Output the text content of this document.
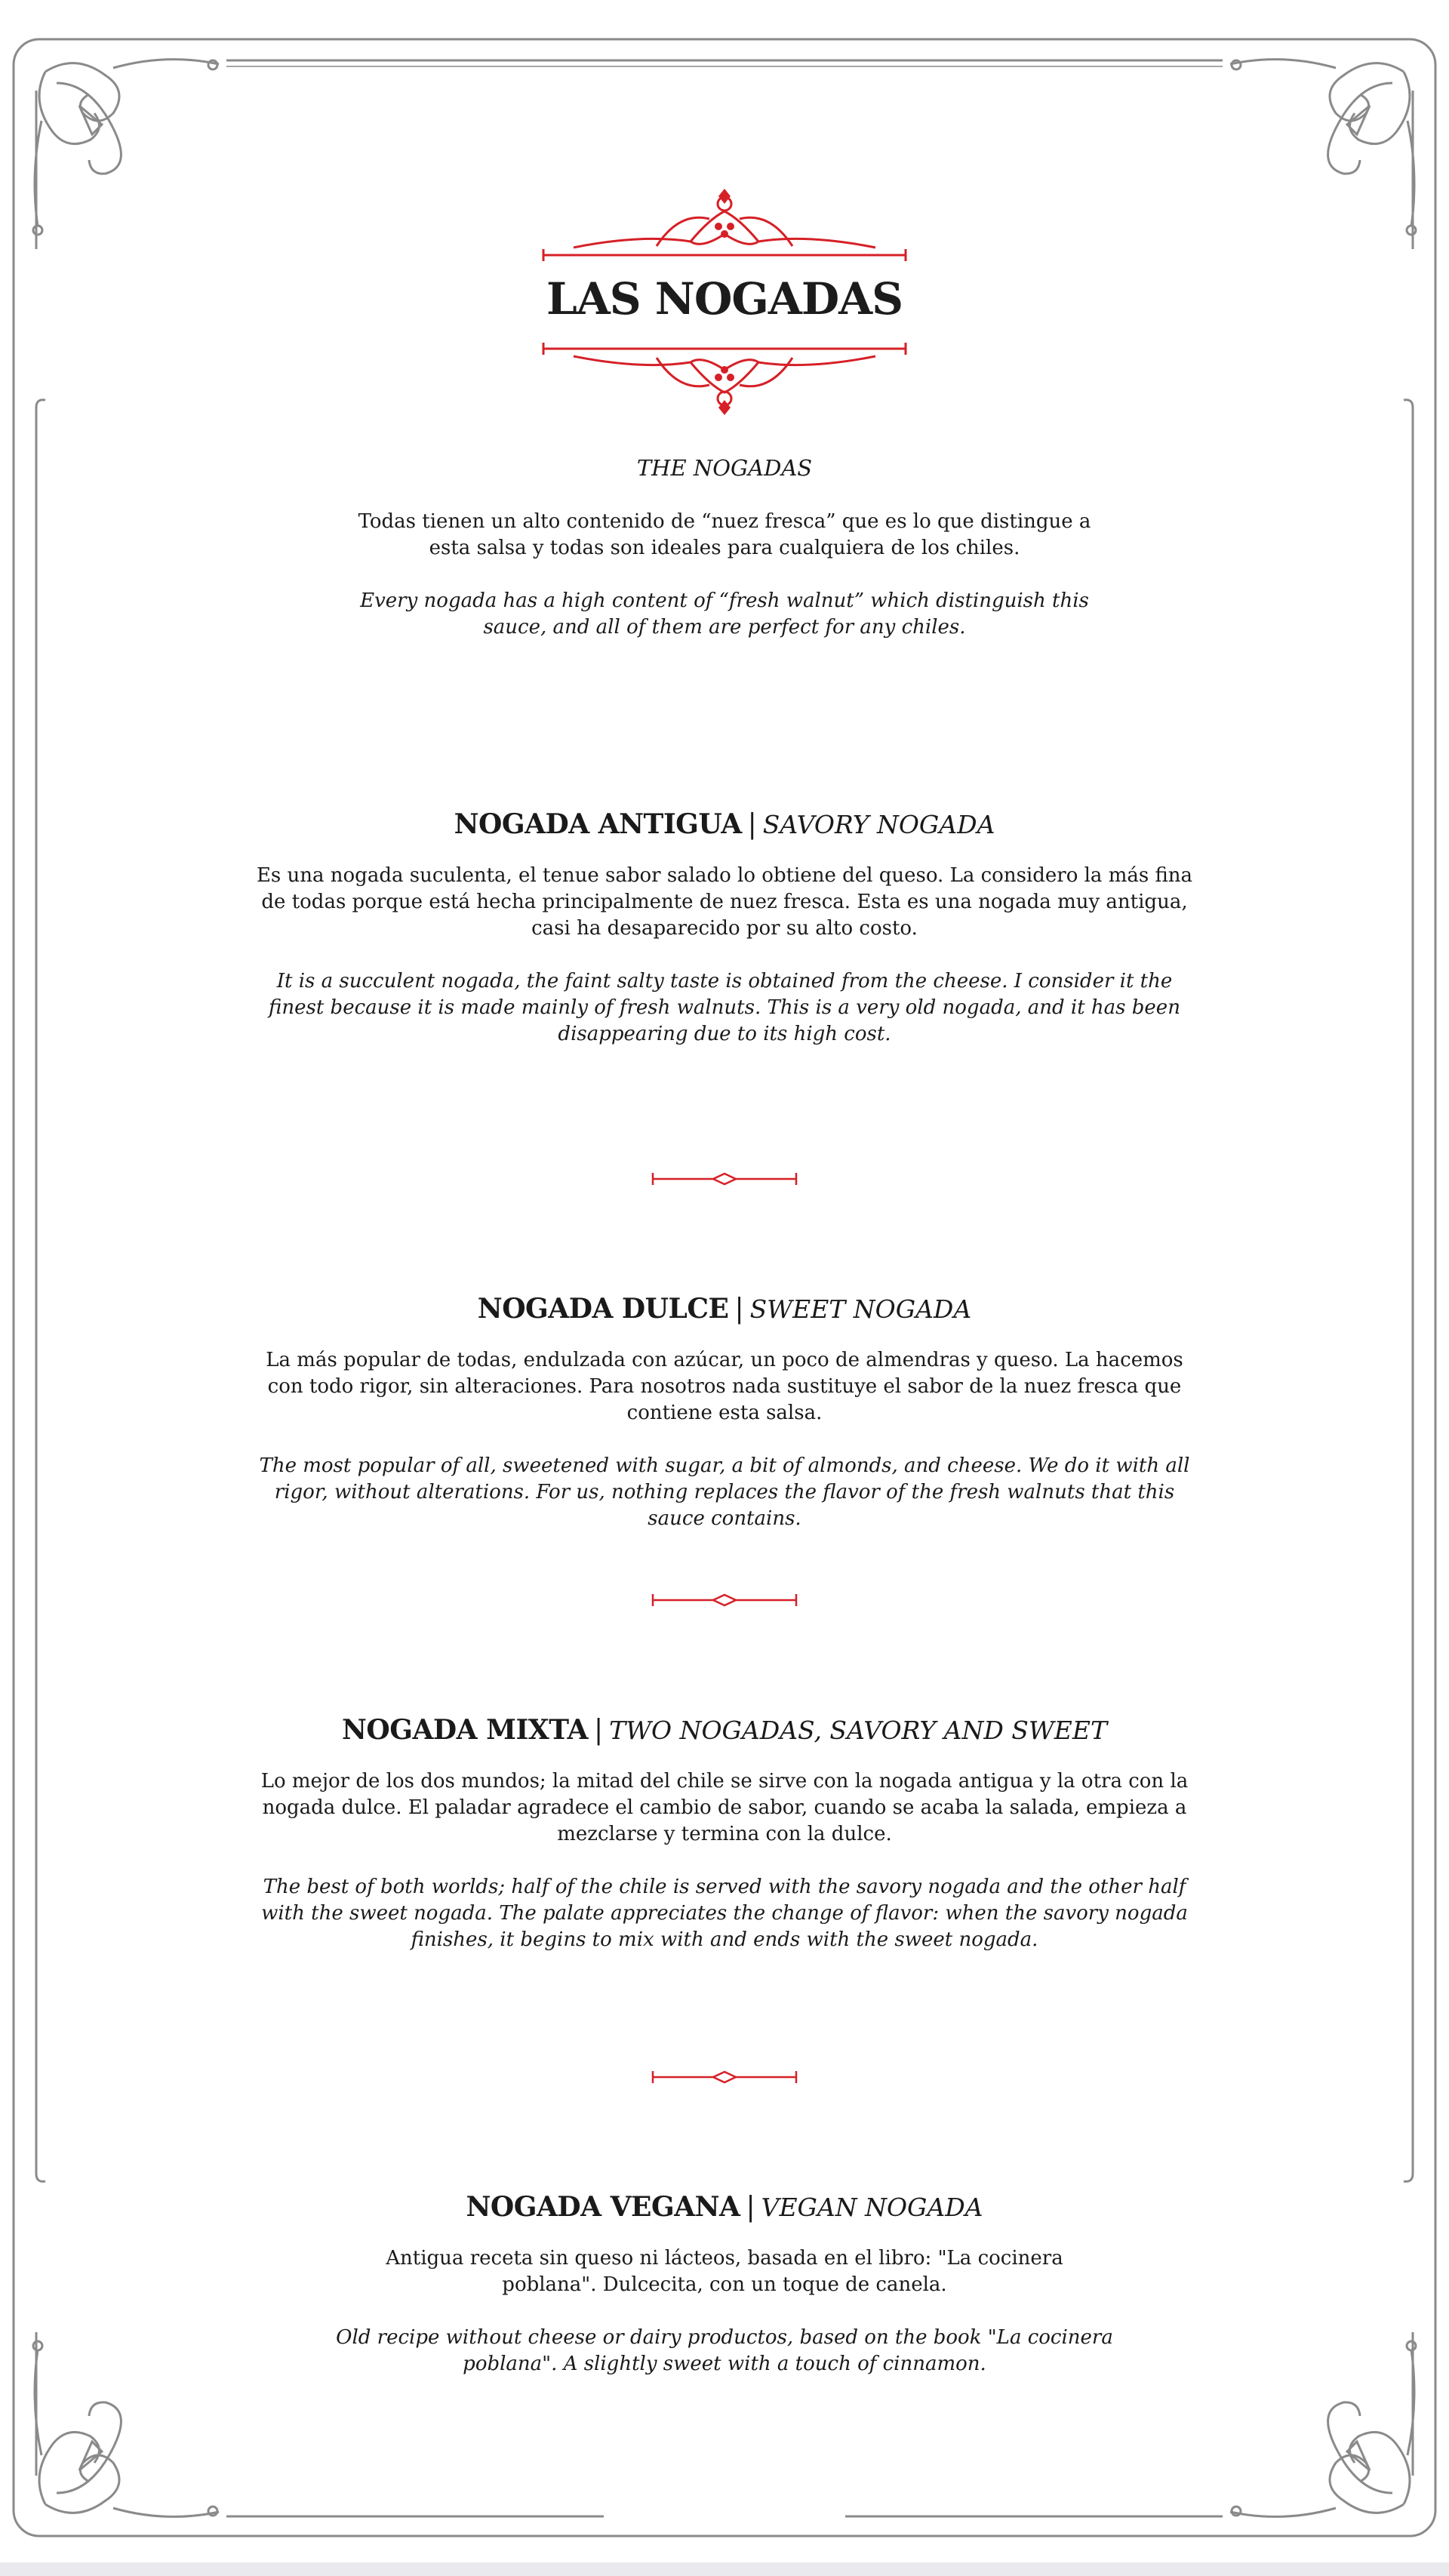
LAS NOGADAS

THE NOGADAS

Todas tienen un alto contenido de “nuez fresca” que es lo que distingue a esta salsa y todas son ideales para cualquiera de los chiles.

Every nogada has a high content of “fresh walnut” which distinguish this sauce, and all of them are perfect for any chiles.

NOGADA ANTIGUA | SAVORY NOGADA

Es una nogada suculenta, el tenue sabor salado lo obtiene del queso. La considero la más fina de todas porque está hecha principalmente de nuez fresca. Esta es una nogada muy antigua, casi ha desaparecido por su alto costo.

It is a succulent nogada, the faint salty taste is obtained from the cheese. I consider it the finest because it is made mainly of fresh walnuts. This is a very old nogada, and it has been disappearing due to its high cost.

NOGADA DULCE | SWEET NOGADA

La más popular de todas, endulzada con azúcar, un poco de almendras y queso. La hacemos con todo rigor, sin alteraciones. Para nosotros nada sustituye el sabor de la nuez fresca que contiene esta salsa.

The most popular of all, sweetened with sugar, a bit of almonds, and cheese. We do it with all rigor, without alterations. For us, nothing replaces the flavor of the fresh walnuts that this sauce contains.

NOGADA MIXTA | TWO NOGADAS, SAVORY AND SWEET

Lo mejor de los dos mundos; la mitad del chile se sirve con la nogada antigua y la otra con la nogada dulce. El paladar agradece el cambio de sabor, cuando se acaba la salada, empieza a mezclarse y termina con la dulce.

The best of both worlds; half of the chile is served with the savory nogada and the other half with the sweet nogada. The palate appreciates the change of flavor: when the savory nogada finishes, it begins to mix with and ends with the sweet nogada.

NOGADA VEGANA | VEGAN NOGADA

Antigua receta sin queso ni lácteos, basada en el libro: "La cocinera poblana". Dulcecita, con un toque de canela.

Old recipe without cheese or dairy productos, based on the book "La cocinera poblana". A slightly sweet with a touch of cinnamon.
